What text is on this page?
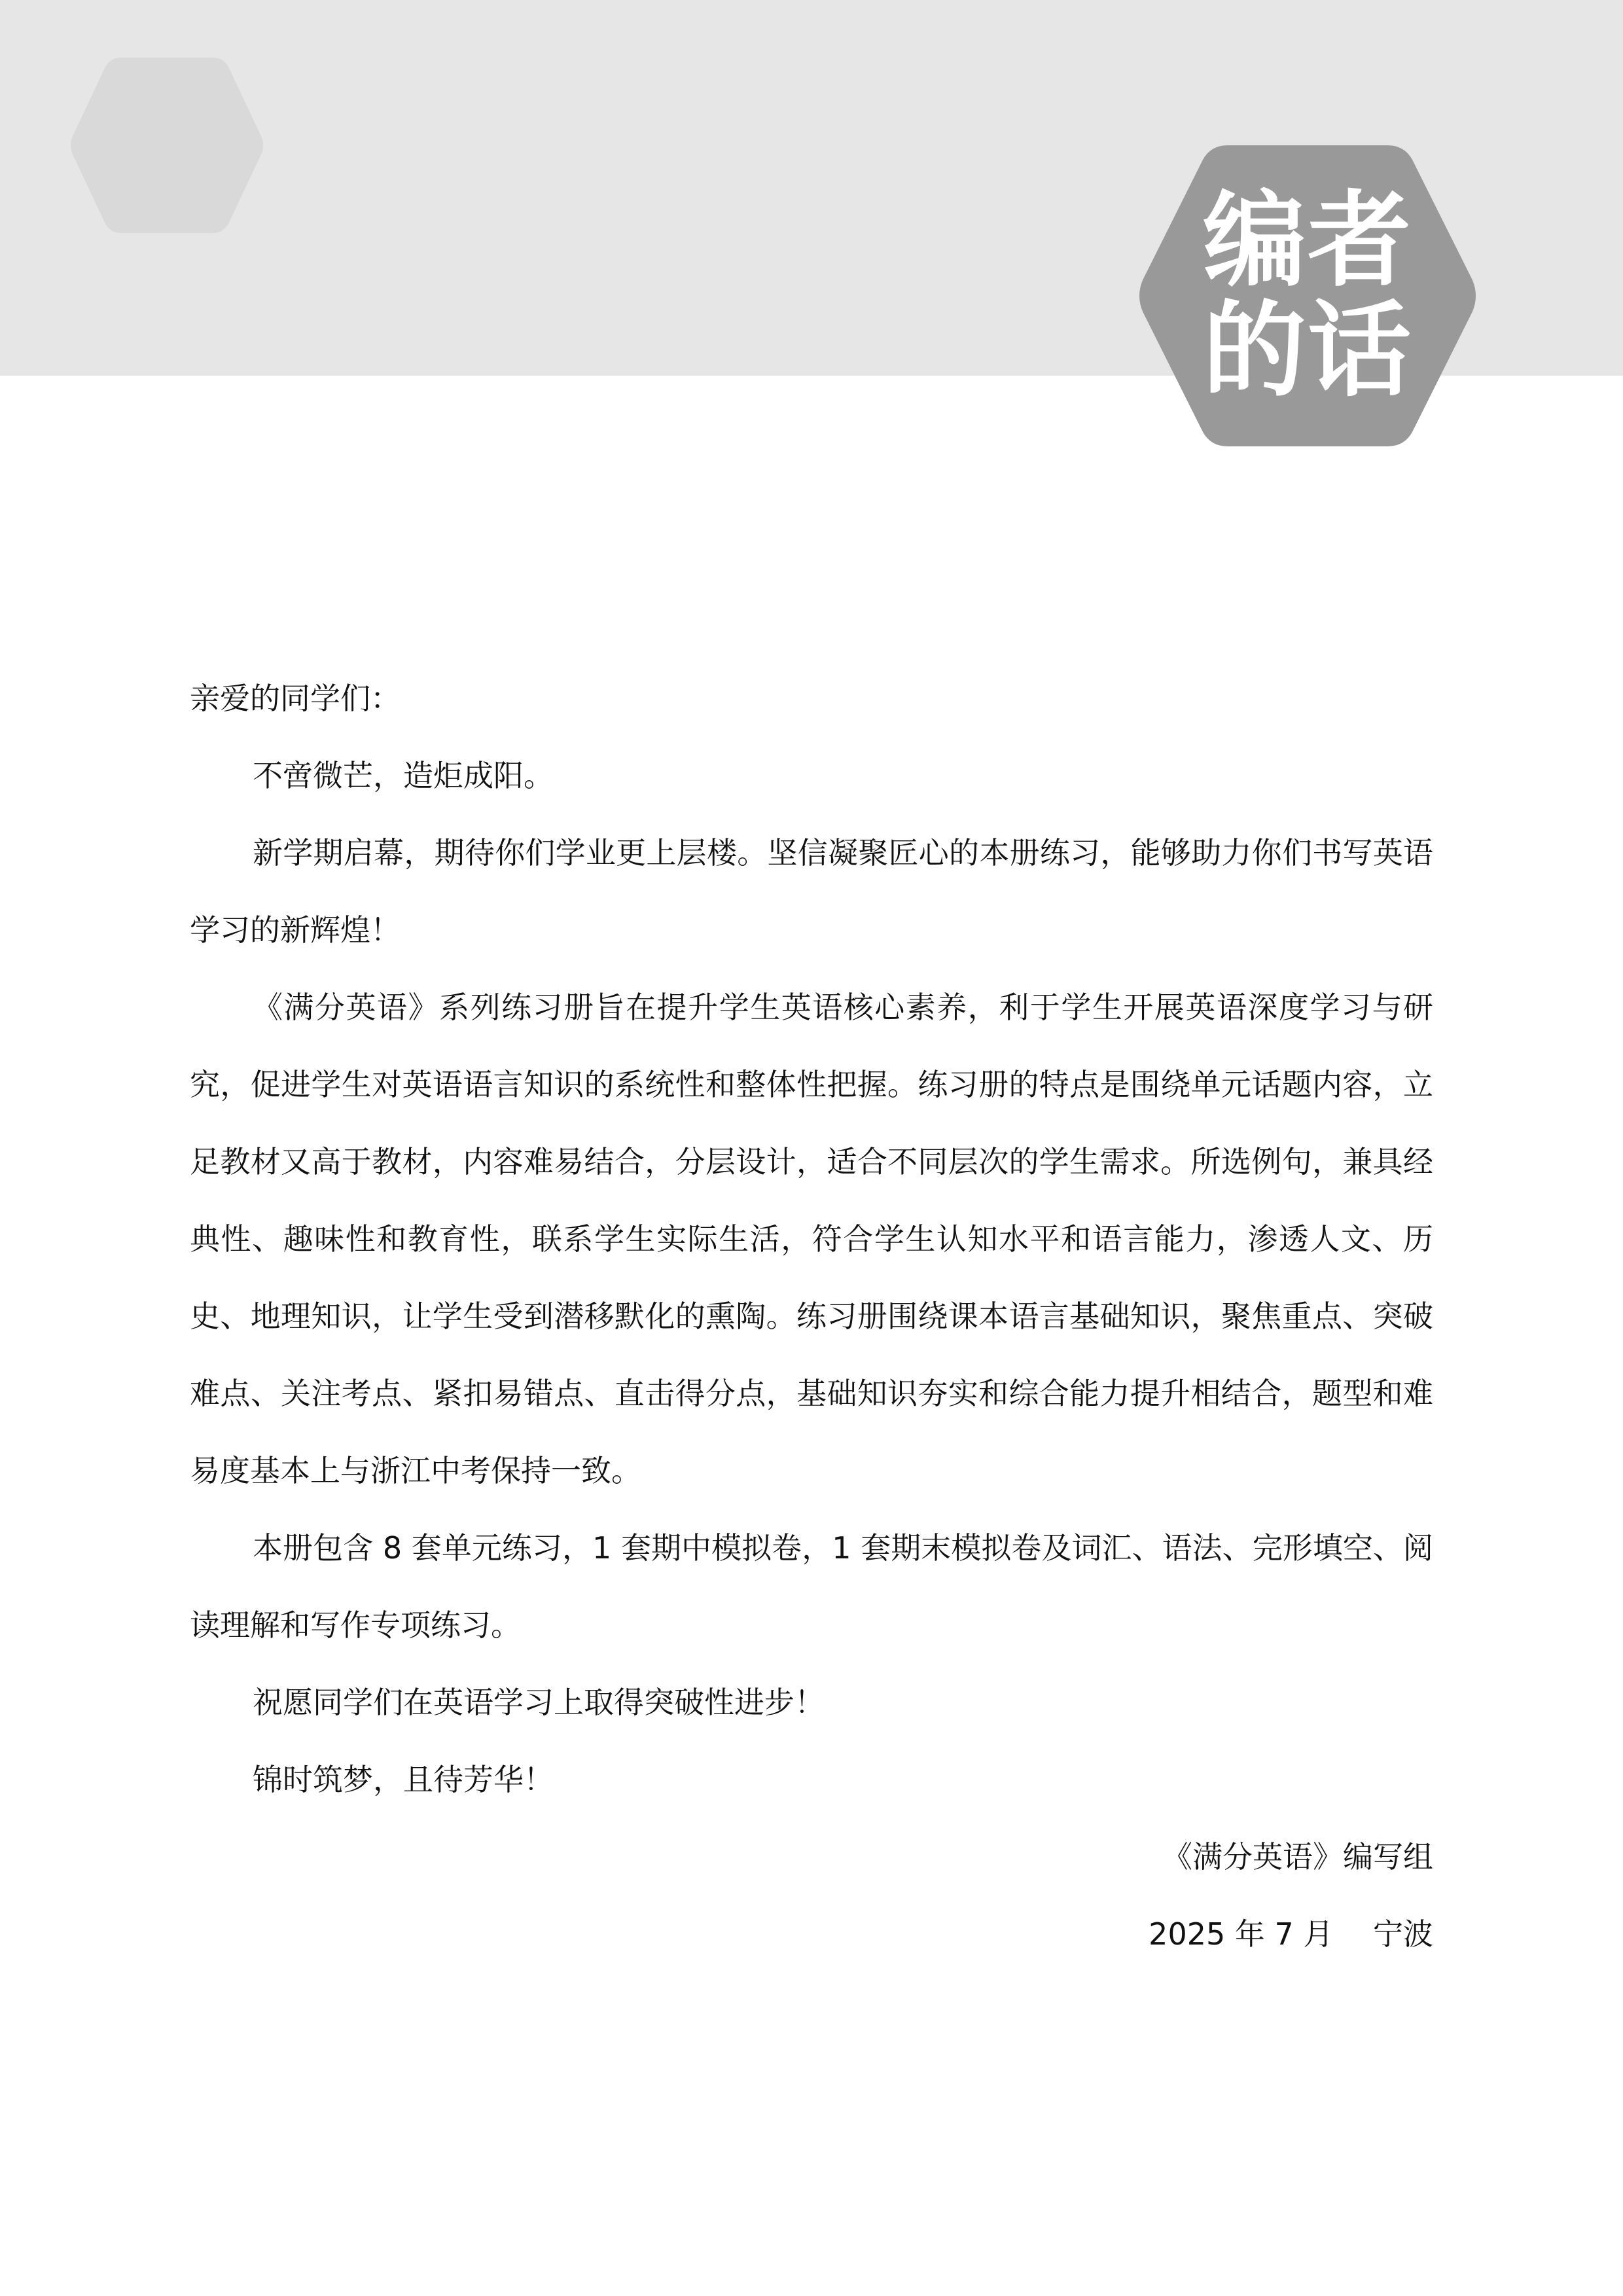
编者
的话

亲爱的同学们：

不啻微芒，造炬成阳。

新学期启幕，期待你们学业更上层楼。坚信凝聚匠心的本册练习，能够助力你们书写英语学习的新辉煌！

《满分英语》系列练习册旨在提升学生英语核心素养，利于学生开展英语深度学习与研究，促进学生对英语语言知识的系统性和整体性把握。练习册的特点是围绕单元话题内容，立足教材又高于教材，内容难易结合，分层设计，适合不同层次的学生需求。所选例句，兼具经典性、趣味性和教育性，联系学生实际生活，符合学生认知水平和语言能力，渗透人文、历史、地理知识，让学生受到潜移默化的熏陶。练习册围绕课本语言基础知识，聚焦重点、突破难点、关注考点、紧扣易错点、直击得分点，基础知识夯实和综合能力提升相结合，题型和难易度基本上与浙江中考保持一致。

本册包含 8 套单元练习，1 套期中模拟卷，1 套期末模拟卷及词汇、语法、完形填空、阅读理解和写作专项练习。

祝愿同学们在英语学习上取得突破性进步！

锦时筑梦，且待芳华！

《满分英语》编写组

2025 年 7 月　 宁波
